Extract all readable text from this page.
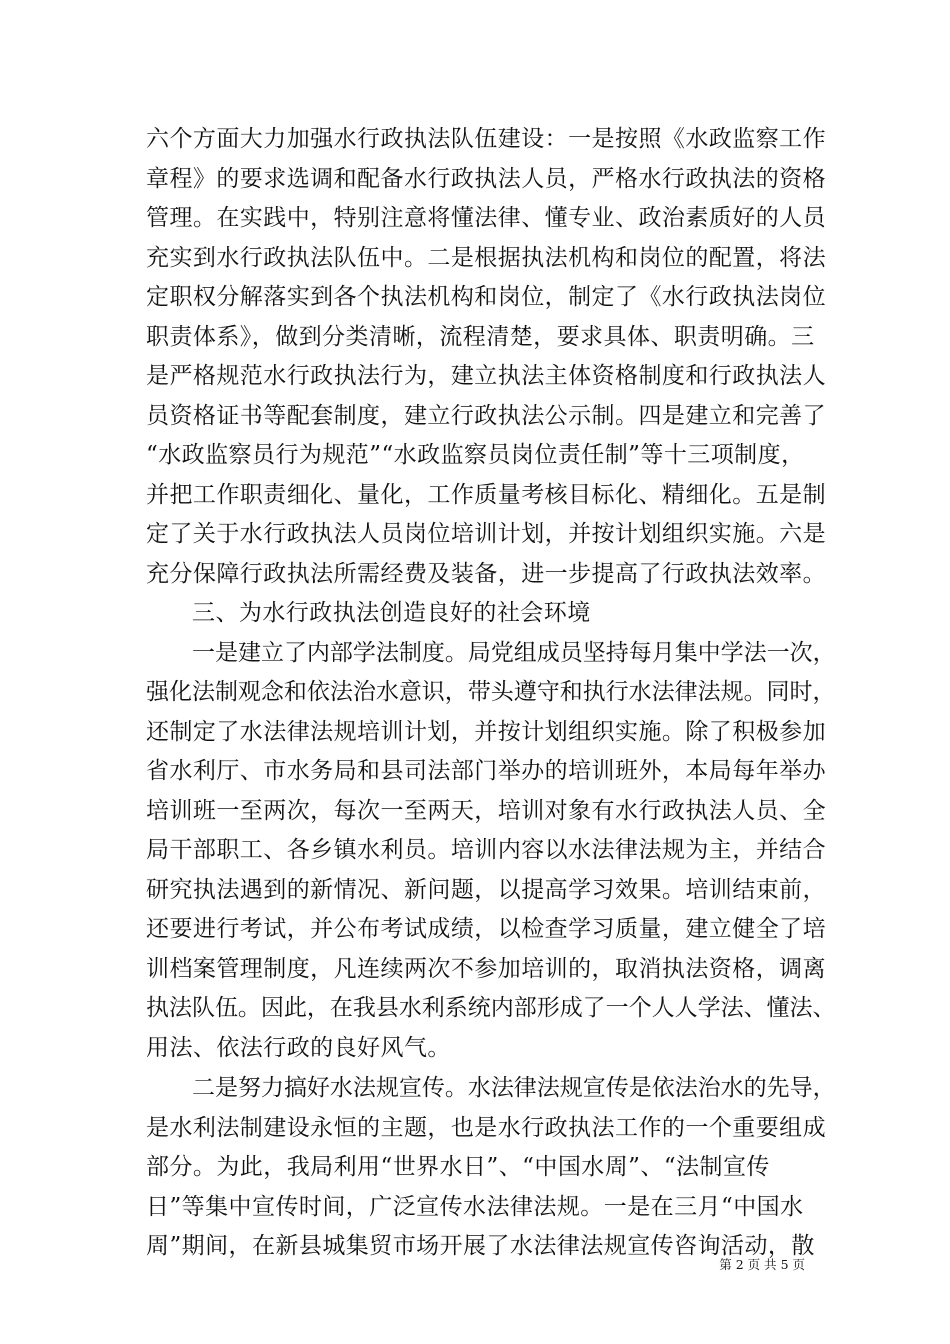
六个方面大力加强水行政执法队伍建设：一是按照《水政监察工作
章程》的要求选调和配备水行政执法人员，严格水行政执法的资格
管理。在实践中，特别注意将懂法律、懂专业、政治素质好的人员
充实到水行政执法队伍中。二是根据执法机构和岗位的配置，将法
定职权分解落实到各个执法机构和岗位，制定了《水行政执法岗位
职责体系》，做到分类清晰，流程清楚，要求具体、职责明确。三
是严格规范水行政执法行为，建立执法主体资格制度和行政执法人
员资格证书等配套制度，建立行政执法公示制。四是建立和完善了
“水政监察员行为规范”“水政监察员岗位责任制”等十三项制度，
并把工作职责细化、量化，工作质量考核目标化、精细化。五是制
定了关于水行政执法人员岗位培训计划，并按计划组织实施。六是
充分保障行政执法所需经费及装备，进一步提高了行政执法效率。
三、为水行政执法创造良好的社会环境
一是建立了内部学法制度。局党组成员坚持每月集中学法一次，
强化法制观念和依法治水意识，带头遵守和执行水法律法规。同时，
还制定了水法律法规培训计划，并按计划组织实施。除了积极参加
省水利厅、市水务局和县司法部门举办的培训班外，本局每年举办
培训班一至两次，每次一至两天，培训对象有水行政执法人员、全
局干部职工、各乡镇水利员。培训内容以水法律法规为主，并结合
研究执法遇到的新情况、新问题，以提高学习效果。培训结束前，
还要进行考试，并公布考试成绩，以检查学习质量，建立健全了培
训档案管理制度，凡连续两次不参加培训的，取消执法资格，调离
执法队伍。因此，在我县水利系统内部形成了一个人人学法、懂法、
用法、依法行政的良好风气。
二是努力搞好水法规宣传。水法律法规宣传是依法治水的先导，
是水利法制建设永恒的主题，也是水行政执法工作的一个重要组成
部分。为此，我局利用“世界水日”、“中国水周”、“法制宣传
日”等集中宣传时间，广泛宣传水法律法规。一是在三月“中国水
周”期间，在新县城集贸市场开展了水法律法规宣传咨询活动，散
第 2 页 共 5 页
